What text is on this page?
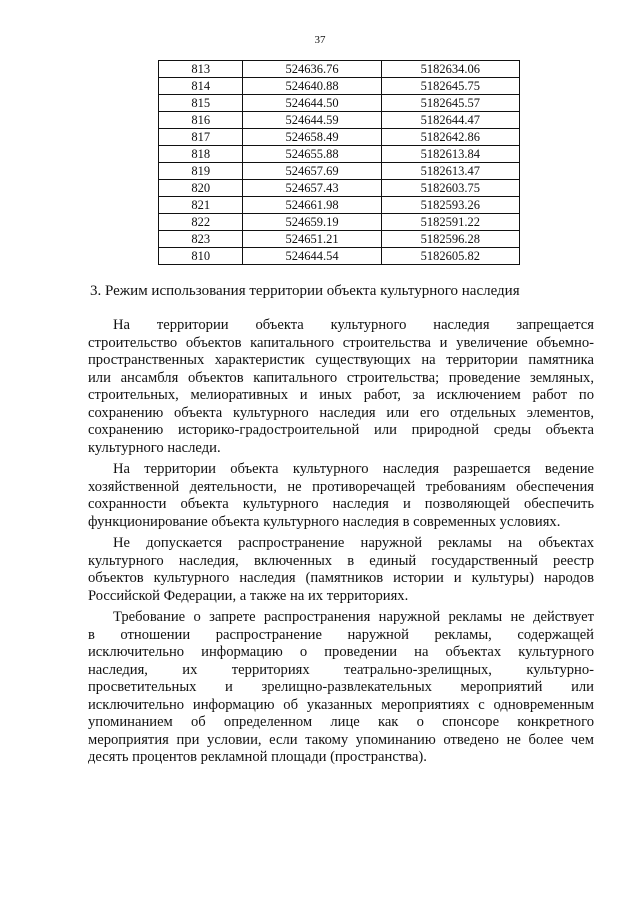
37
813	524636.76	5182634.06
814	524640.88	5182645.75
815	524644.50	5182645.57
816	524644.59	5182644.47
817	524658.49	5182642.86
818	524655.88	5182613.84
819	524657.69	5182613.47
820	524657.43	5182603.75
821	524661.98	5182593.26
822	524659.19	5182591.22
823	524651.21	5182596.28
810	524644.54	5182605.82
3. Режим использования территории объекта культурного наследия

На территории объекта культурного наследия запрещается
строительство объектов капитального строительства и увеличение объемно-
пространственных характеристик существующих на территории памятника
или ансамбля объектов капитального строительства; проведение земляных,
строительных, мелиоративных и иных работ, за исключением работ по
сохранению объекта культурного наследия или его отдельных элементов,
сохранению историко-градостроительной или природной среды объекта
культурного наследи.

На территории объекта культурного наследия разрешается ведение
хозяйственной деятельности, не противоречащей требованиям обеспечения
сохранности объекта культурного наследия и позволяющей обеспечить
функционирование объекта культурного наследия в современных условиях.

Не допускается распространение наружной рекламы на объектах
культурного наследия, включенных в единый государственный реестр
объектов культурного наследия (памятников истории и культуры) народов
Российской Федерации, а также на их территориях.

Требование о запрете распространения наружной рекламы не действует
в отношении распространение наружной рекламы, содержащей
исключительно информацию о проведении на объектах культурного
наследия, их территориях театрально-зрелищных, культурно-
просветительных и зрелищно-развлекательных мероприятий или
исключительно информацию об указанных мероприятиях с одновременным
упоминанием об определенном лице как о спонсоре конкретного
мероприятия при условии, если такому упоминанию отведено не более чем
десять процентов рекламной площади (пространства).
